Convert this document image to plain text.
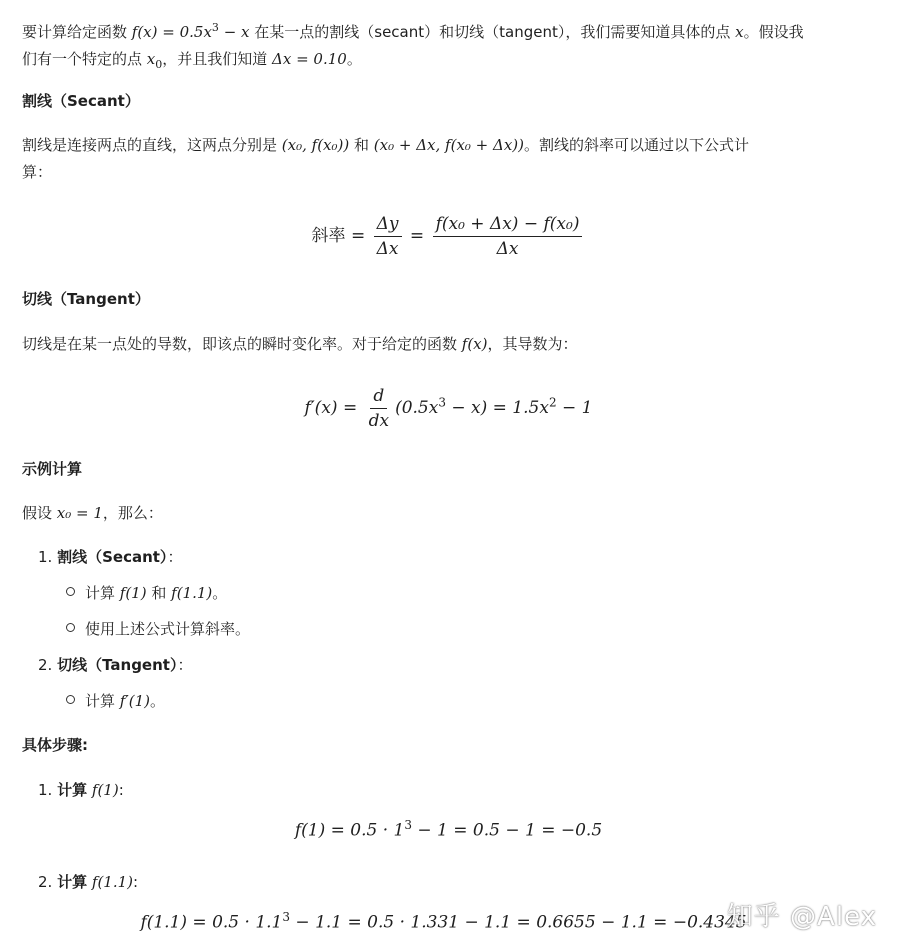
要计算给定函数 $f(x) = 0.5x^3 - x$ 在某一点的割线（secant）和切线（tangent），我们需要知道具体的点 x。假设我
们有一个特定的点 $x_0$，并且我们知道 Δx = 0.10。

割线（Secant）

割线是连接两点的直线，这两点分别是 (x₀, f(x₀)) 和 (x₀ + Δx, f(x₀ + Δx))。割线的斜率可以通过以下公式计
算：

斜率 = $\frac{\Delta y}{\Delta x} = \frac{\text{f(x₀ + Δx) − f(x₀)}}{\Delta x}$

切线（Tangent）

切线是在某一点处的导数，即该点的瞬时变化率。对于给定的函数 f(x)，其导数为：

$f'(x) = \frac{d}{dx} (0.5x^3 - x) = 1.5x^2 - 1$

示例计算

假设 x₀ = 1，那么：

1. 割线（Secant）：
计算 f(1) 和 f(1.1)。
使用上述公式计算斜率。
2. 切线（Tangent）：
计算 f′(1)。

具体步骤:

1. 计算 f(1):
$f(1) = 0.5 \cdot 1^3 - 1 = 0.5 - 1 = -0.5$
2. 计算 f(1.1):
$f(1.1) = 0.5 \cdot 1.1^3 - 1.1 = 0.5 \cdot 1.331 - 1.1 = 0.6655 - 1.1 = -0.4345$
知乎 @Alex
